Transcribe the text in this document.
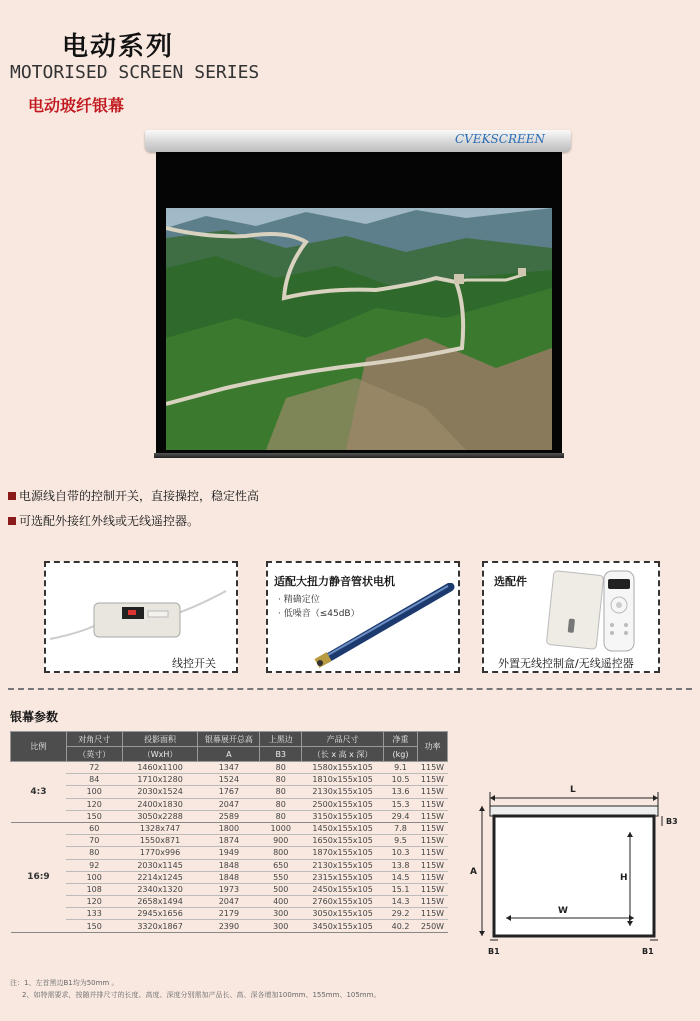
电动系列
MOTORISED SCREEN SERIES
电动玻纤银幕
CVEKSCREEN
电源线自带的控制开关，直接操控，稳定性高
可选配外接红外线或无线遥控器。
线控开关
适配大扭力静音管状电机
· 精确定位
· 低噪音（≤45dB）
选配件
外置无线控制盒/无线遥控器
银幕参数
比例	对角尺寸	投影面积	银幕展开总高	上黑边	产品尺寸	净重	功率
	（英寸）	（WxH）	A	B3	（长 x 高 x 深）	(kg)	
4:3	72	1460x1100	1347	80	1580x155x105	9.1	115W
	84	1710x1280	1524	80	1810x155x105	10.5	115W
	100	2030x1524	1767	80	2130x155x105	13.6	115W
	120	2400x1830	2047	80	2500x155x105	15.3	115W
	150	3050x2288	2589	80	3150x155x105	29.4	115W
16:9	60	1328x747	1800	1000	1450x155x105	7.8	115W
	70	1550x871	1874	900	1650x155x105	9.5	115W
	80	1770x996	1949	800	1870x155x105	10.3	115W
	92	2030x1145	1848	650	2130x155x105	13.8	115W
	100	2214x1245	1848	550	2315x155x105	14.5	115W
	108	2340x1320	1973	500	2450x155x105	15.1	115W
	120	2658x1494	2047	400	2760x155x105	14.3	115W
	133	2945x1656	2179	300	3050x155x105	29.2	115W
	150	3320x1867	2390	300	3450x155x105	40.2	250W
注：1、左首黑边B1均为50mm 。
2、如特需要求，按随并排尺寸的长度、高度、深度分别需加产品长、高、深各增加100mm、155mm、105mm。
L
B3
A
H
W
B1	B1
